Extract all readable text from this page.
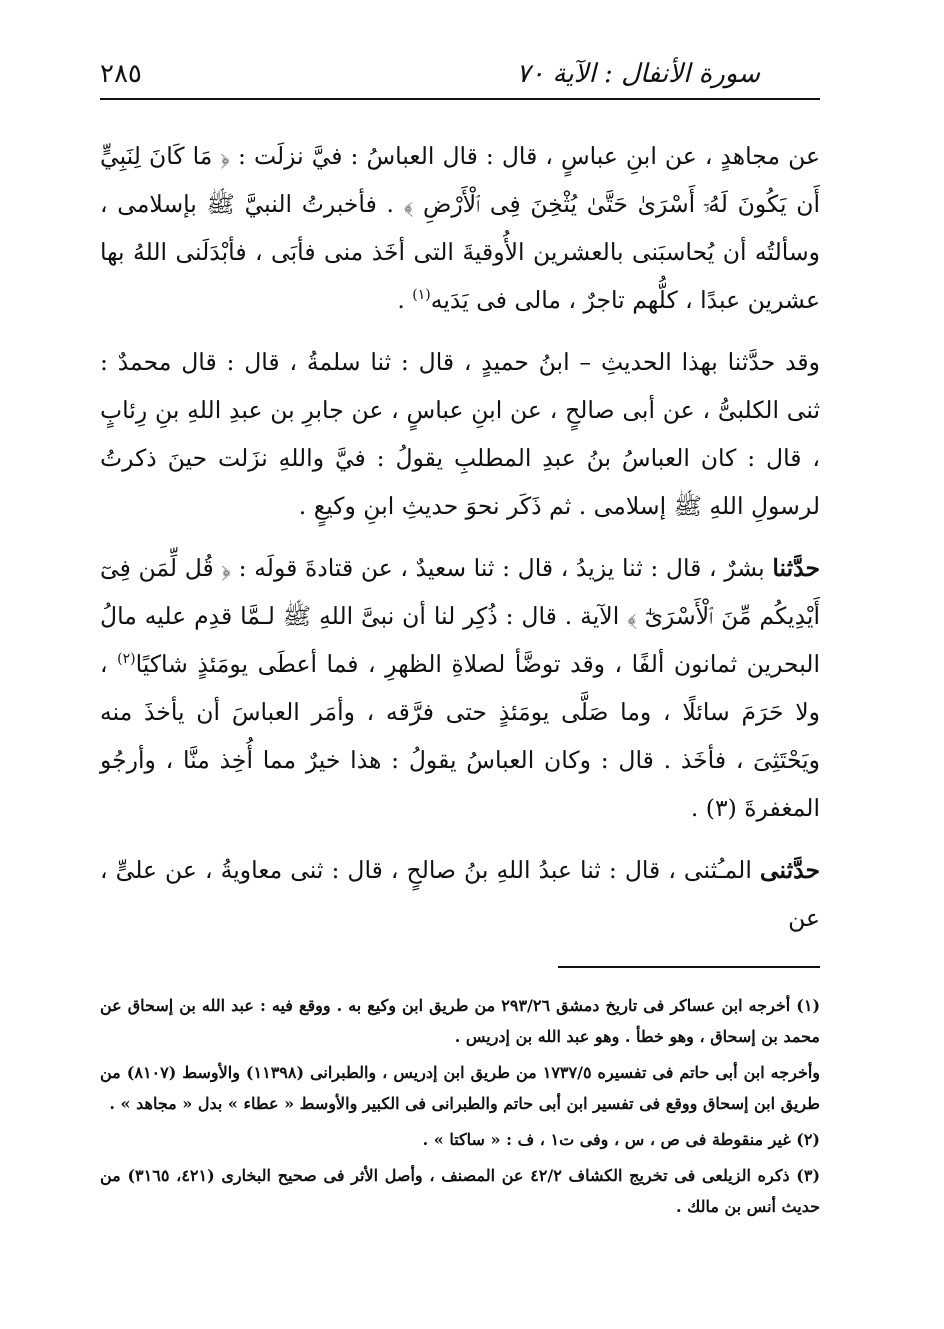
سورة الأنفال : الآية ٧٠
٢٨٥

عن مجاهدٍ ، عن ابنِ عباسٍ ، قال : قال العباسُ : فيَّ نزلَت : ﴿ مَا كَانَ لِنَبِيٍّ أَن يَكُونَ لَهُۥٓ أَسْرَىٰ حَتَّىٰ يُثْخِنَ فِى ٱلْأَرْضِ ﴾ . فأخبرتُ النبيَّ ﷺ بإسلامى ، وسألتُه أن يُحاسبَنى بالعشرين الأُوقيةَ التى أخَذ منى فأبَى ، فأبْدَلَنى اللهُ بها عشرين عبدًا ، كلُّهم تاجرٌ ، مالى فى يَدَيه$^{(١)}$ .

وقد حدَّثنا بهذا الحديثِ – ابنُ حميدٍ ، قال : ثنا سلمةُ ، قال : قال محمدٌ : ثنى الكلبىُّ ، عن أبى صالحٍ ، عن ابنِ عباسٍ ، عن جابرِ بن عبدِ اللهِ بنِ رِئابٍ ، قال : كان العباسُ بنُ عبدِ المطلبِ يقولُ : فيَّ واللهِ نزَلت حينَ ذكرتُ لرسولِ اللهِ ﷺ إسلامى . ثم ذَكَر نحوَ حديثِ ابنِ وكيعٍ .

حدَّثنا بشرٌ ، قال : ثنا يزيدُ ، قال : ثنا سعيدٌ ، عن قتادةَ قولَه : ﴿ قُل لِّمَن فِىٓ أَيْدِيكُم مِّنَ ٱلْأَسْرَىٰٓ ﴾ الآية . قال : ذُكِر لنا أن نبىَّ اللهِ ﷺ لـمَّا قدِم عليه مالُ البحرين ثمانون ألفًا ، وقد توضَّأ لصلاةِ الظهرِ ، فما أعطَى يومَئذٍ شاكيًا$^{(٢)}$ ، ولا حَرَمَ سائلًا ، وما صَلَّى يومَئذٍ حتى فرَّقه ، وأمَر العباسَ أن يأخذَ منه ويَحْتَثِىَ ، فأخَذ . قال : وكان العباسُ يقولُ : هذا خيرٌ مما أُخِذ منَّا ، وأرجُو المغفرةَ (٣) .

حدَّثنى المـُثنى ، قال : ثنا عبدُ اللهِ بنُ صالحٍ ، قال : ثنى معاويةُ ، عن علىٍّ ، عن

(١) أخرجه ابن عساكر فى تاريخ دمشق ٢٩٣/٢٦ من طريق ابن وكيع به . ووقع فيه : عبد الله بن إسحاق عن محمد بن إسحاق ، وهو خطأ . وهو عبد الله بن إدريس .

وأخرجه ابن أبى حاتم فى تفسيره ١٧٣٧/٥ من طريق ابن إدريس ، والطبرانى (١١٣٩٨) والأوسط (٨١٠٧) من طريق ابن إسحاق ووقع فى تفسير ابن أبى حاتم والطبرانى فى الكبير والأوسط « عطاء » بدل « مجاهد » .

(٢) غير منقوطة فى ص ، س ، وفى ت١ ، ف : « ساكتا » .

(٣) ذكره الزيلعى فى تخريج الكشاف ٤٢/٢ عن المصنف ، وأصل الأثر فى صحيح البخارى (٤٢١، ٣١٦٥) من حديث أنس بن مالك .
